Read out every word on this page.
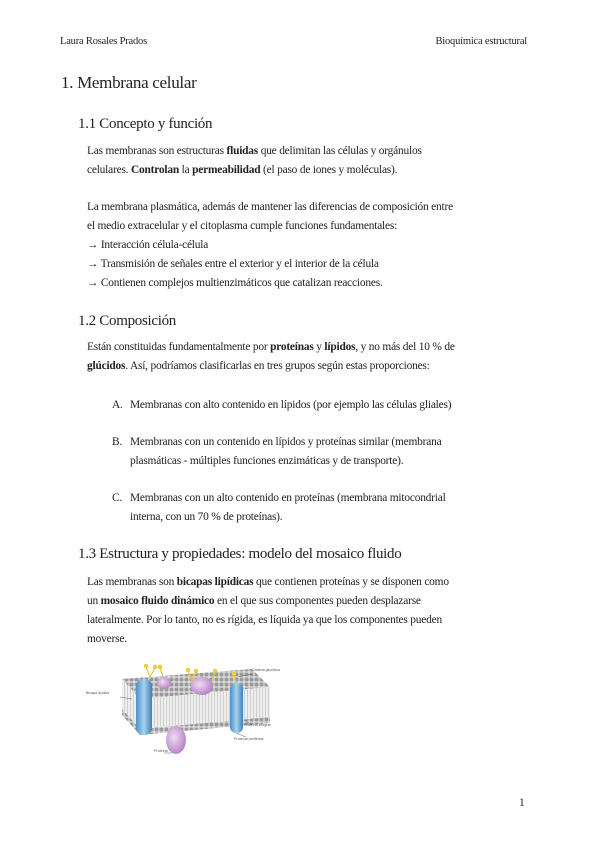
Laura Rosales Prados	Bioquímica estructural
1. Membrana celular
1.1 Concepto y función

Las membranas son estructuras fluidas que delimitan las células y orgánulos
celulares. Controlan la permeabilidad (el paso de iones y moléculas).

La membrana plasmática, además de mantener las diferencias de composición entre
el medio extracelular y el citoplasma cumple funciones fundamentales:
→ Interacción célula-célula
→ Transmisión de señales entre el exterior y el interior de la célula
→ Contienen complejos multienzimáticos que catalizan reacciones.

1.2 Composición

Están constituidas fundamentalmente por proteínas y lípidos, y no más del 10 % de
glúcidos. Así, podríamos clasificarlas en tres grupos según estas proporciones:

A. Membranas con alto contenido en lípidos (por ejemplo las células gliales)
B. Membranas con un contenido en lípidos y proteínas similar (membrana
plasmáticas - múltiples funciones enzimáticas y de transporte).
C. Membranas con un alto contenido en proteínas (membrana mitocondrial
interna, con un 70 % de proteínas).
1.3 Estructura y propiedades: modelo del mosaico fluido

Las membranas son bicapas lipídicas que contienen proteínas y se disponen como
un mosaico fluido dinámico en el que sus componentes pueden desplazarse
lateralmente. Por lo tanto, no es rígida, es líquida ya que los componentes pueden
moverse.

Bicapa lipídica
Cadena glucídica
Proteína integral
Proteína periférica
Proteína
1
